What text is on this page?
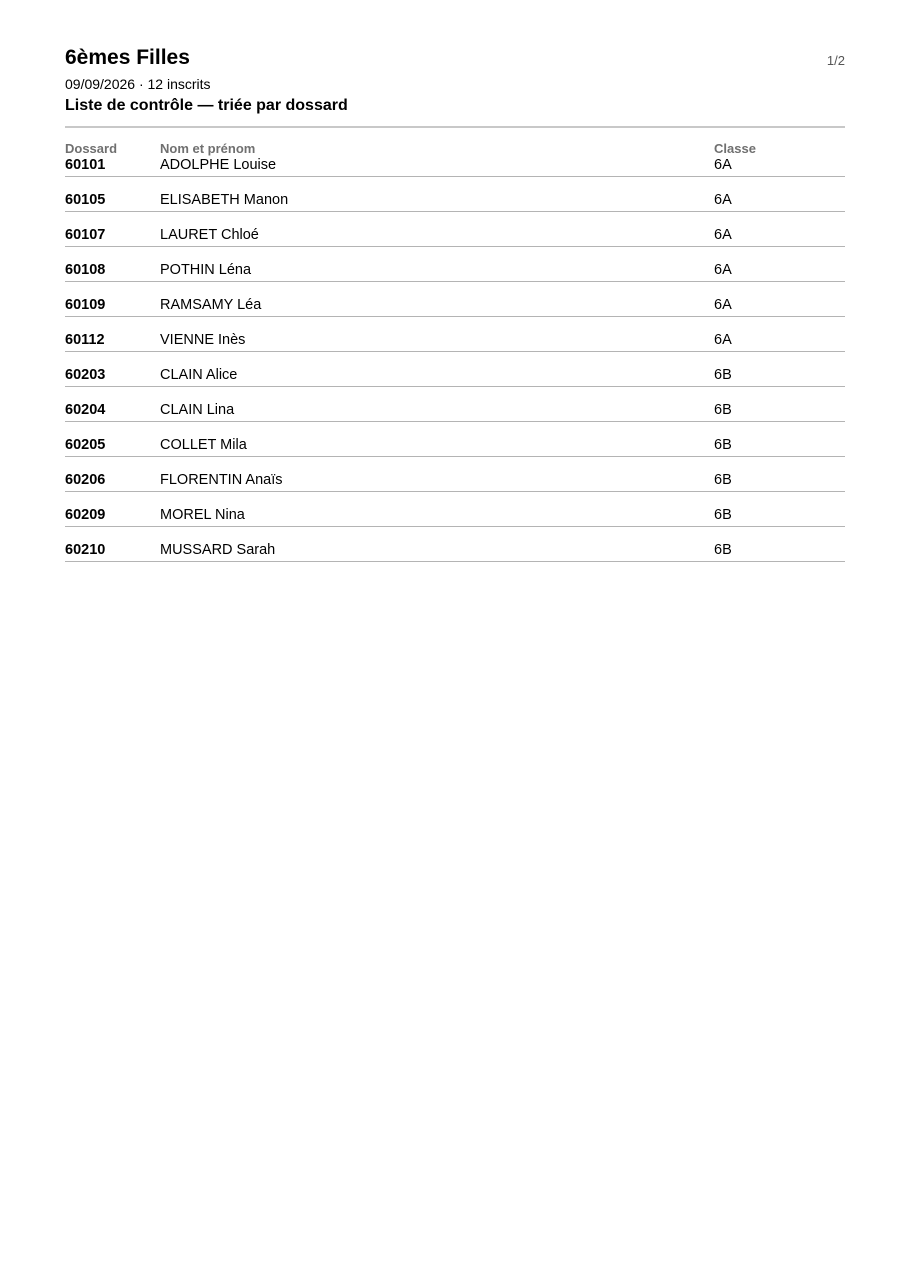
6èmes Filles	1/2
09/09/2026 · 12 inscrits
Liste de contrôle — triée par dossard
Dossard	Nom et prénom	Classe
60101	ADOLPHE Louise	6A
60105	ELISABETH Manon	6A
60107	LAURET Chloé	6A
60108	POTHIN Léna	6A
60109	RAMSAMY Léa	6A
60112	VIENNE Inès	6A
60203	CLAIN Alice	6B
60204	CLAIN Lina	6B
60205	COLLET Mila	6B
60206	FLORENTIN Anaïs	6B
60209	MOREL Nina	6B
60210	MUSSARD Sarah	6B
